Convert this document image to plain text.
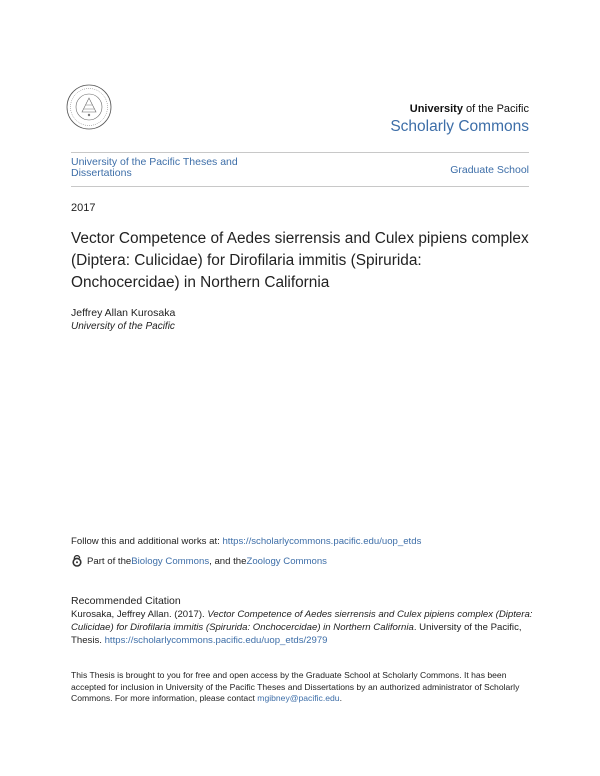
University of the Pacific
Scholarly Commons
University of the Pacific Theses and Dissertations	Graduate School
2017
Vector Competence of Aedes sierrensis and Culex pipiens complex (Diptera: Culicidae) for Dirofilaria immitis (Spirurida: Onchocercidae) in Northern California
Jeffrey Allan Kurosaka
University of the Pacific
Follow this and additional works at: https://scholarlycommons.pacific.edu/uop_etds
Part of the Biology Commons , and the Zoology Commons
Recommended Citation
Kurosaka, Jeffrey Allan. (2017). Vector Competence of Aedes sierrensis and Culex pipiens complex (Diptera: Culicidae) for Dirofilaria immitis (Spirurida: Onchocercidae) in Northern California. University of the Pacific, Thesis. https://scholarlycommons.pacific.edu/uop_etds/2979
This Thesis is brought to you for free and open access by the Graduate School at Scholarly Commons. It has been accepted for inclusion in University of the Pacific Theses and Dissertations by an authorized administrator of Scholarly Commons. For more information, please contact mgibney@pacific.edu.
